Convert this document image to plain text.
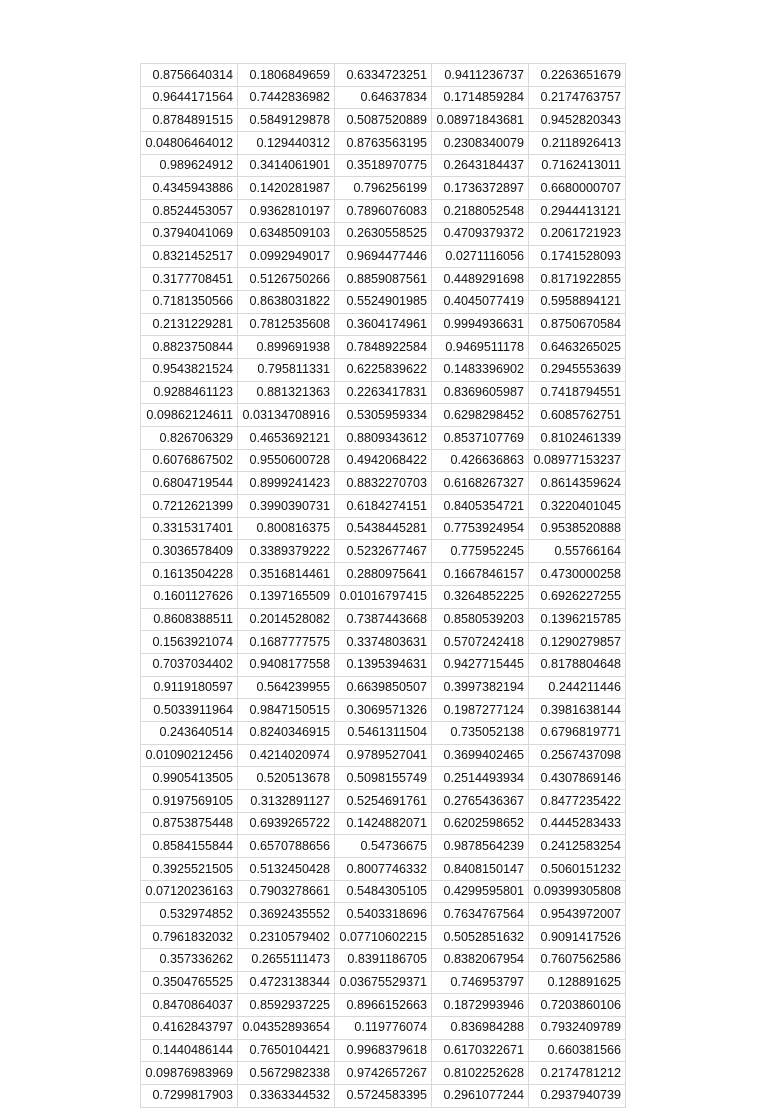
0.8756640314	0.1806849659	0.6334723251	0.9411236737	0.2263651679
0.9644171564	0.7442836982	0.64637834	0.1714859284	0.2174763757
0.8784891515	0.5849129878	0.5087520889	0.08971843681	0.9452820343
0.04806464012	0.129440312	0.8763563195	0.2308340079	0.2118926413
0.989624912	0.3414061901	0.3518970775	0.2643184437	0.7162413011
0.4345943886	0.1420281987	0.796256199	0.1736372897	0.6680000707
0.8524453057	0.9362810197	0.7896076083	0.2188052548	0.2944413121
0.3794041069	0.6348509103	0.2630558525	0.4709379372	0.2061721923
0.8321452517	0.0992949017	0.9694477446	0.0271116056	0.1741528093
0.3177708451	0.5126750266	0.8859087561	0.4489291698	0.8171922855
0.7181350566	0.8638031822	0.5524901985	0.4045077419	0.5958894121
0.2131229281	0.7812535608	0.3604174961	0.9994936631	0.8750670584
0.8823750844	0.899691938	0.7848922584	0.9469511178	0.6463265025
0.9543821524	0.795811331	0.6225839622	0.1483396902	0.2945553639
0.9288461123	0.881321363	0.2263417831	0.8369605987	0.7418794551
0.09862124611	0.03134708916	0.5305959334	0.6298298452	0.6085762751
0.826706329	0.4653692121	0.8809343612	0.8537107769	0.8102461339
0.6076867502	0.9550600728	0.4942068422	0.426636863	0.08977153237
0.6804719544	0.8999241423	0.8832270703	0.6168267327	0.8614359624
0.7212621399	0.3990390731	0.6184274151	0.8405354721	0.3220401045
0.3315317401	0.800816375	0.5438445281	0.7753924954	0.9538520888
0.3036578409	0.3389379222	0.5232677467	0.775952245	0.55766164
0.1613504228	0.3516814461	0.2880975641	0.1667846157	0.4730000258
0.1601127626	0.1397165509	0.01016797415	0.3264852225	0.6926227255
0.8608388511	0.2014528082	0.7387443668	0.8580539203	0.1396215785
0.1563921074	0.1687777575	0.3374803631	0.5707242418	0.1290279857
0.7037034402	0.9408177558	0.1395394631	0.9427715445	0.8178804648
0.9119180597	0.564239955	0.6639850507	0.3997382194	0.244211446
0.5033911964	0.9847150515	0.3069571326	0.1987277124	0.3981638144
0.243640514	0.8240346915	0.5461311504	0.735052138	0.6796819771
0.01090212456	0.4214020974	0.9789527041	0.3699402465	0.2567437098
0.9905413505	0.520513678	0.5098155749	0.2514493934	0.4307869146
0.9197569105	0.3132891127	0.5254691761	0.2765436367	0.8477235422
0.8753875448	0.6939265722	0.1424882071	0.6202598652	0.4445283433
0.8584155844	0.6570788656	0.54736675	0.9878564239	0.2412583254
0.3925521505	0.5132450428	0.8007746332	0.8408150147	0.5060151232
0.07120236163	0.7903278661	0.5484305105	0.4299595801	0.09399305808
0.532974852	0.3692435552	0.5403318696	0.7634767564	0.9543972007
0.7961832032	0.2310579402	0.07710602215	0.5052851632	0.9091417526
0.357336262	0.2655111473	0.8391186705	0.8382067954	0.7607562586
0.3504765525	0.4723138344	0.03675529371	0.746953797	0.128891625
0.8470864037	0.8592937225	0.8966152663	0.1872993946	0.7203860106
0.4162843797	0.04352893654	0.119776074	0.836984288	0.7932409789
0.1440486144	0.7650104421	0.9968379618	0.6170322671	0.660381566
0.09876983969	0.5672982338	0.9742657267	0.8102252628	0.2174781212
0.7299817903	0.3363344532	0.5724583395	0.2961077244	0.2937940739
